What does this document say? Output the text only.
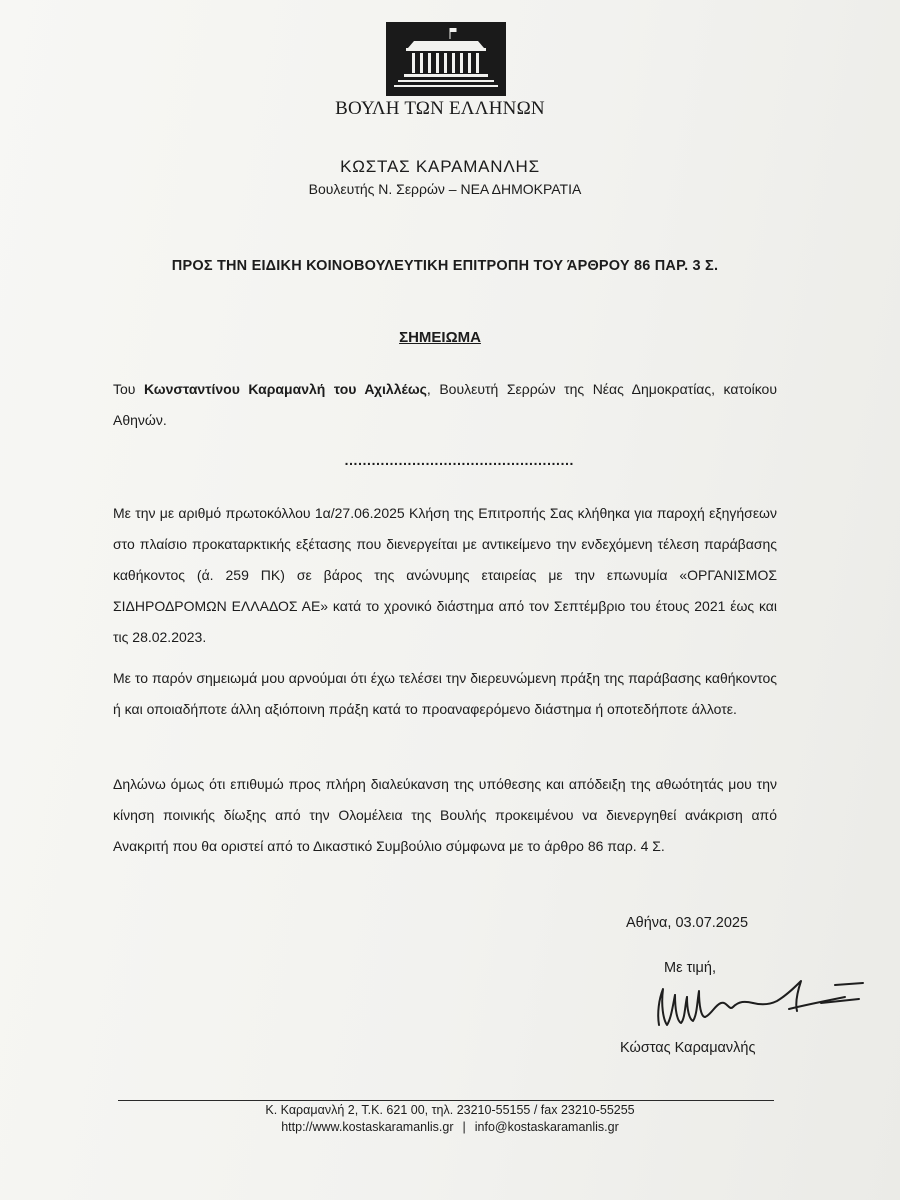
ΒΟΥΛΗ ΤΩΝ ΕΛΛΗΝΩΝ
ΚΩΣΤΑΣ ΚΑΡΑΜΑΝΛΗΣ
Βουλευτής Ν. Σερρών – ΝΕΑ ΔΗΜΟΚΡΑΤΙΑ
ΠΡΟΣ ΤΗΝ ΕΙΔΙΚΗ ΚΟΙΝΟΒΟΥΛΕΥΤΙΚΗ ΕΠΙΤΡΟΠΗ ΤΟΥ ΆΡΘΡΟΥ 86 ΠΑΡ. 3 Σ.
ΣΗΜΕΙΩΜΑ
Του Κωνσταντίνου Καραμανλή του Αχιλλέως, Βουλευτή Σερρών της Νέας Δημοκρατίας, κατοίκου Αθηνών.
……………………………………………
Με την με αριθμό πρωτοκόλλου 1α/27.06.2025 Κλήση της Επιτροπής Σας κλήθηκα για παροχή εξηγήσεων στο πλαίσιο προκαταρκτικής εξέτασης που διενεργείται με αντικείμενο την ενδεχόμενη τέλεση παράβασης καθήκοντος (ά. 259 ΠΚ) σε βάρος της ανώνυμης εταιρείας με την επωνυμία «ΟΡΓΑΝΙΣΜΟΣ ΣΙΔΗΡΟΔΡΟΜΩΝ ΕΛΛΑΔΟΣ ΑΕ» κατά το χρονικό διάστημα από τον Σεπτέμβριο του έτους 2021 έως και τις 28.02.2023.
Με το παρόν σημειωμά μου αρνούμαι ότι έχω τελέσει την διερευνώμενη πράξη της παράβασης καθήκοντος ή και οποιαδήποτε άλλη αξιόποινη πράξη κατά το προαναφερόμενο διάστημα ή οποτεδήποτε άλλοτε.
Δηλώνω όμως ότι επιθυμώ προς πλήρη διαλεύκανση της υπόθεσης και απόδειξη της αθωότητάς μου την κίνηση ποινικής δίωξης από την Ολομέλεια της Βουλής προκειμένου να διενεργηθεί ανάκριση από Ανακριτή που θα οριστεί από το Δικαστικό Συμβούλιο σύμφωνα με το άρθρο 86 παρ. 4 Σ.
Αθήνα, 03.07.2025
Με τιμή,
Κώστας Καραμανλής
Κ. Καραμανλή 2, Τ.Κ. 621 00, τηλ. 23210-55155 / fax 23210-55255
http://www.kostaskaramanlis.gr | info@kostaskaramanlis.gr
